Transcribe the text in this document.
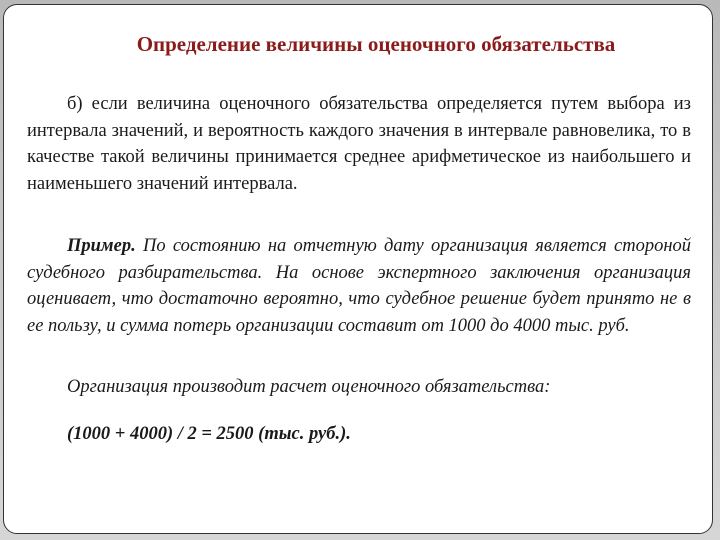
Определение величины оценочного обязательства

б) если величина оценочного обязательства определяется путем выбора из интервала значений, и вероятность каждого значения в интервале равновелика, то в качестве такой величины принимается среднее арифметическое из наибольшего и наименьшего значений интервала.

Пример. По состоянию на отчетную дату организация является стороной судебного разбирательства. На основе экспертного заключения организация оценивает, что достаточно вероятно, что судебное решение будет принято не в ее пользу, и сумма потерь организации составит от 1000 до 4000 тыс. руб.

Организация производит расчет оценочного обязательства:

(1000 + 4000) / 2 = 2500 (тыс. руб.).
